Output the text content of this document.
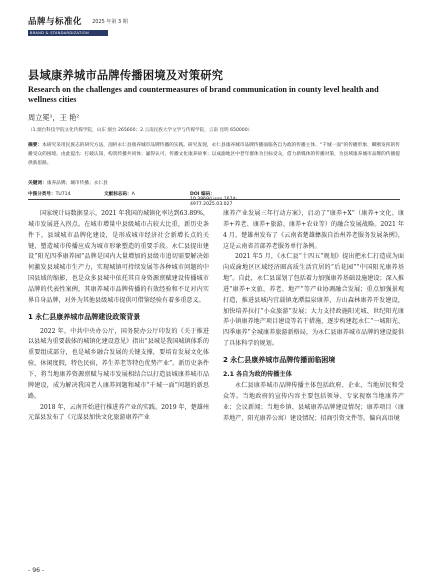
品牌与标准化 2025 年第 3 期
BRAND & STANDARDIZATION
县域康养城市品牌传播困境及对策研究
Research on the challenges and countermeasures of brand communication in county level health and wellness cities
周立冕¹，王 艳²
（1.烟台科技学院文化传媒学院，山东 烟台 265600；2.云南民族大学文学与传媒学院，云南 昆明 650000）
摘要：本研究采用民族志的研究方法，剖析永仁县康养城市品牌传播的实践。研究发现，永仁县康养城市品牌传播面临各自为政的传播主体、“千城一面”的传播形象、瞬断发挥的传播受众的困境。由此提出：打破认知，构筑传播共同体；赢得认可，传播文化康养故事；以成渝地区中老年群体为目标受众，借力新媒体的传播对策，为县域康养城市品牌的传播提供新思路。
关键词：康养品牌；城市传播；永仁县
中图分类号：TU714	文献标志码：A	DOI 编码：10.3969/j.issn.1674-4977.2025.03.027

国家统计局数据显示，2021 年我国的城镇化率达到63.89%，城市发展进入拐点。在城市增量中县级城市占较大比重，新历史条件下，县域城市品牌化建设，是形成城市经济社会新增长点的关键，塑造城市传播应成为城市形象塑造的重要手段。永仁县提出建设“阳光四季康养园”品牌是国内大量增加的县级市追切需要解决如何激发县域城市生产力，实现城镇可持续发展等各种城市问题的中国县域的缩影，也是众多县城中依托其自身资源禀赋建设传播城市品牌的代表性案例，其康养城市品牌传播的有效经验和不足对内实界自身品牌，对外为其他县级城市提供可借鉴经验有着多重意义。

1 永仁县康养城市品牌建设政策背景

2022 年，中共中央办公厅，国务院办公厅印发的《关于推进以县城为重要载体的城镇化建设意见》指出“县城是我国城镇体系的重要组成部分，也是城乡融合发展的关键支撑，要培育发展文化体验，休闲度假，特色民宿，养生养老等特色优势产业”。新历史条件下，将当地康养资源禀赋与城市发展相结合以打造县城康养城市品牌建设，成为解决我国老人康养问题和城市“千城一面”问题的新思路。

2018 年，云南开始进行推进养产业的实践。2019 年，楚雄州元谋县发布了《元谋县加快文化旅游康养产业

康养产业发展三年行动方案》，启动了“康养+X”（康养+文化、康养+养老、康养+旅游、康养+农业等）的融合发展战略。2021 年4 月，楚雄州发布了《云南省楚雄彝族自治州养老服务发展条例》，这是云南省首部养老服务单行条例。

2021 年5 月，《永仁县“十四五”规划》提出把永仁打造成为面向成渝地区区域经济圈高质生活宜居的“后花园”“中国阳光康养基地”。自此，永仁县谋划了包括着力加强康养基础设施建设；深入推进“康养+文旅、养老、地产”等产业协调融合发展；重点加强景观打造，推进县城内宜载镇龙潭温泉康养，方山森林康养开发建设，加快培养拉打“小众旅游”发展；大力支持政施阳光城、世纪阳光康养小镇康养地产项目建设等若干措施，逐步构建起永仁“一城阳光、四季康养”全城康养旅游新格局，为永仁县康养城市品牌的建设提供了具体科学的规划。

2 永仁县康养城市品牌传播面临困境
2.1 各自为政的传播主体

永仁县康养城市品牌传播主体包括政府、企业、当地居民和受众等。当地政府的宣传内容主要包括领导、专家视察当地康养产业；会议新闻；当地乡镇、县城康养品牌建设情况；康养项目（康养地产，阳光康养公寓）建设情况；招商引资文件等。偏向高语境

- 96 -
